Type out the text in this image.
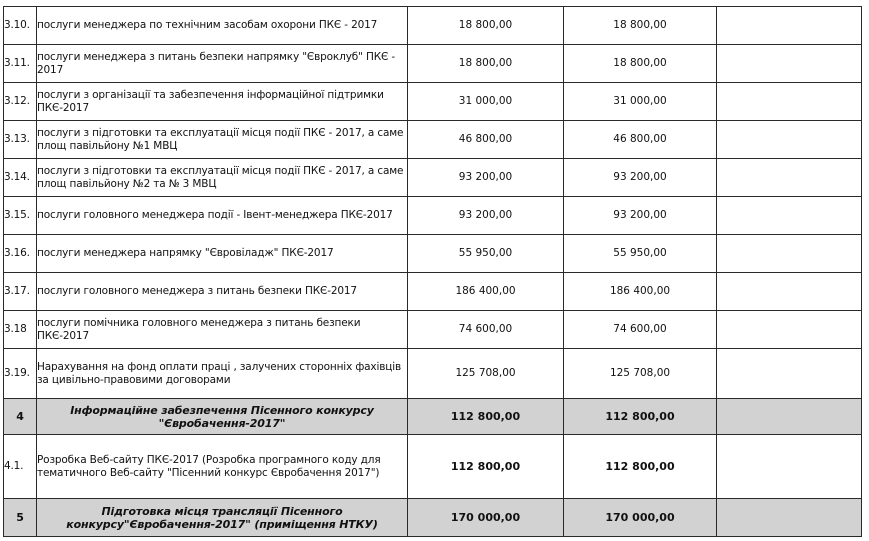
3.10.	послуги менеджера по технічним засобам охорони ПКЄ - 2017	18 800,00	18 800,00	
3.11.	послуги менеджера з питань безпеки напрямку "Євроклуб" ПКЄ - 2017	18 800,00	18 800,00	
3.12.	послуги з організації та забезпечення інформаційної підтримки ПКЄ-2017	31 000,00	31 000,00	
3.13.	послуги з підготовки та експлуатації місця події ПКЄ - 2017, а саме площ павільйону №1 МВЦ	46 800,00	46 800,00	
3.14.	послуги з підготовки та експлуатації місця події ПКЄ - 2017, а саме площ павільйону №2 та № 3 МВЦ	93 200,00	93 200,00	
3.15.	послуги головного менеджера події - Івент-менеджера ПКЄ-2017	93 200,00	93 200,00	
3.16.	послуги менеджера напрямку "Євровіладж" ПКЄ-2017	55 950,00	55 950,00	
3.17.	послуги головного менеджера з питань безпеки ПКЄ-2017	186 400,00	186 400,00	
3.18	послуги помічника головного менеджера з питань безпеки ПКЄ-2017	74 600,00	74 600,00	
3.19.	Нарахування на фонд оплати праці , залучених сторонніх фахівців за цивільно-правовими договорами	125 708,00	125 708,00	
4	Інформаційне забезпечення Пісенного конкурсу "Євробачення-2017"	112 800,00	112 800,00	
4.1.	Розробка Веб-сайту ПКЄ-2017 (Розробка програмного коду для тематичного Веб-сайту "Пісенний конкурс Євробачення 2017")	112 800,00	112 800,00	
5	Підготовка місця трансляції Пісенного конкурсу"Євробачення-2017" (приміщення НТКУ)	170 000,00	170 000,00	
